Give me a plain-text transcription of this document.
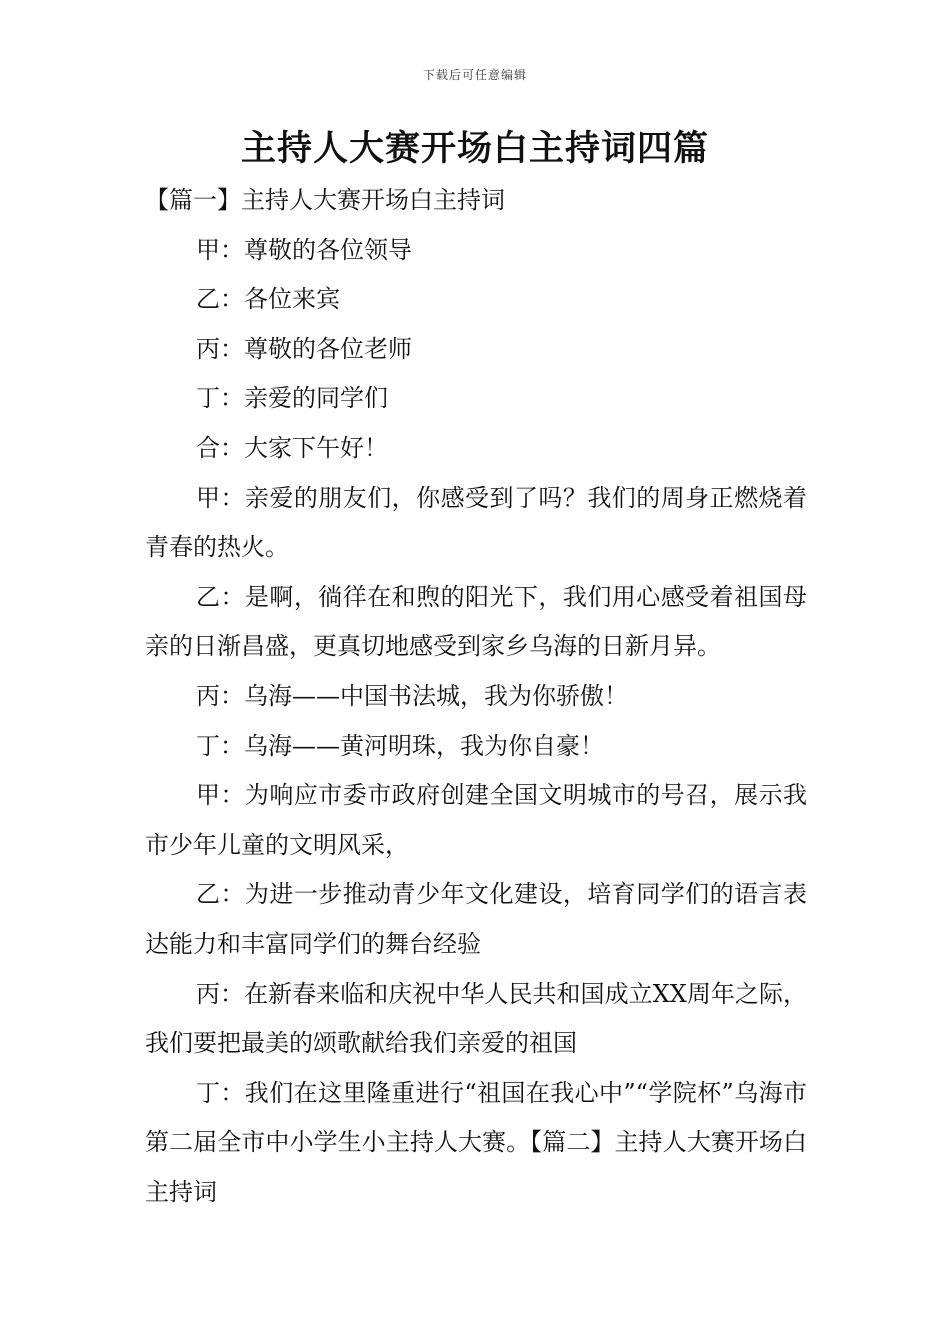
下载后可任意编辑
主持人大赛开场白主持词四篇

【篇一】主持人大赛开场白主持词

甲：尊敬的各位领导

乙：各位来宾

丙：尊敬的各位老师

丁：亲爱的同学们

合：大家下午好！

甲：亲爱的朋友们，你感受到了吗？我们的周身正燃烧着青春的热火。

乙：是啊，徜徉在和煦的阳光下，我们用心感受着祖国母亲的日渐昌盛，更真切地感受到家乡乌海的日新月异。

丙：乌海——中国书法城，我为你骄傲！

丁：乌海——黄河明珠，我为你自豪！

甲：为响应市委市政府创建全国文明城市的号召，展示我市少年儿童的文明风采，

乙：为进一步推动青少年文化建设，培育同学们的语言表达能力和丰富同学们的舞台经验

丙：在新春来临和庆祝中华人民共和国成立XX周年之际，我们要把最美的颂歌献给我们亲爱的祖国

丁：我们在这里隆重进行“祖国在我心中”“学院杯”乌海市第二届全市中小学生小主持人大赛。【篇二】主持人大赛开场白主持词
